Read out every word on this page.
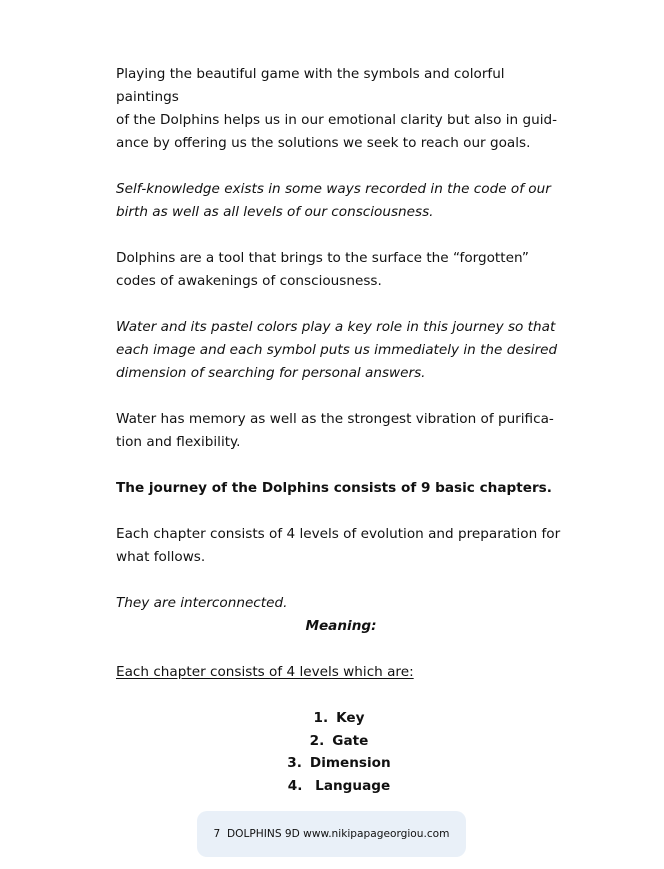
Playing the beautiful game with the symbols and colorful paintings
of the Dolphins helps us in our emotional clarity but also in guid-
ance by offering us the solutions we seek to reach our goals.

Self-knowledge exists in some ways recorded in the code of our
birth as well as all levels of our consciousness.

Dolphins are a tool that brings to the surface the “forgotten”
codes of awakenings of consciousness.

Water and its pastel colors play a key role in this journey so that
each image and each symbol puts us immediately in the desired
dimension of searching for personal answers.

Water has memory as well as the strongest vibration of purifica-
tion and flexibility.

The journey of the Dolphins consists of 9 basic chapters.

Each chapter consists of 4 levels of evolution and preparation for
what follows.

They are interconnected.

Meaning:

Each chapter consists of 4 levels which are:

1. Key
2. Gate
3. Dimension
4. Language
7
DOLPHINS 9D www.nikipapageorgiou.com
